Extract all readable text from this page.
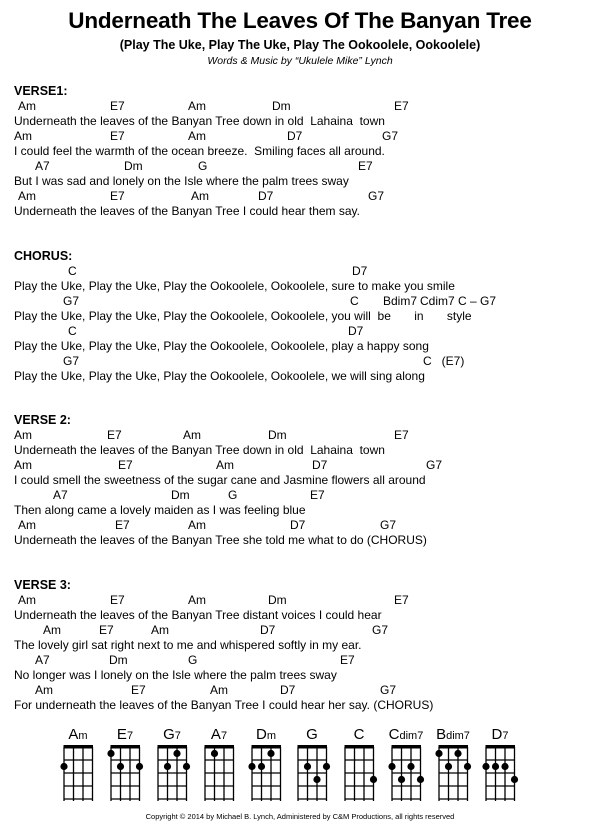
Underneath The Leaves Of The Banyan Tree
(Play The Uke, Play The Uke, Play The Ookoolele, Ookoolele)
Words & Music by “Ukulele Mike” Lynch
VERSE1:
Am	E7	Am	Dm	E7
Underneath the leaves of the Banyan Tree down in old  Lahaina  town
Am	E7	Am	D7	G7
I could feel the warmth of the ocean breeze.  Smiling faces all around.
A7	Dm	G	E7
But I was sad and lonely on the Isle where the palm trees sway
Am	E7	Am	D7	G7
Underneath the leaves of the Banyan Tree I could hear them say.
CHORUS:
C	D7
Play the Uke, Play the Uke, Play the Ookoolele, Ookoolele, sure to make you smile
G7	C Bdim7 Cdim7 C – G7
Play the Uke, Play the Uke, Play the Ookoolele, Ookoolele, you will  be       in       style
C	D7
Play the Uke, Play the Uke, Play the Ookoolele, Ookoolele, play a happy song
G7	C   (E7)
Play the Uke, Play the Uke, Play the Ookoolele, Ookoolele, we will sing along
VERSE 2:
Am	E7	Am	Dm	E7
Underneath the leaves of the Banyan Tree down in old  Lahaina  town
Am	E7	Am	D7	G7
I could smell the sweetness of the sugar cane and Jasmine flowers all around
A7	Dm	G	E7
Then along came a lovely maiden as I was feeling blue
Am	E7	Am	D7	G7
Underneath the leaves of the Banyan Tree she told me what to do (CHORUS)
VERSE 3:
Am	E7	Am	Dm	E7
Underneath the leaves of the Banyan Tree distant voices I could hear
Am	E7	Am	D7	G7
The lovely girl sat right next to me and whispered softly in my ear.
A7	Dm	G	E7
No longer was I lonely on the Isle where the palm trees sway
Am	E7	Am	D7	G7
For underneath the leaves of the Banyan Tree I could hear her say. (CHORUS)
Am	E7	G7	A7	Dm	G	C	Cdim7 Bdim7	D7
Copyright © 2014 by Michael B. Lynch, Administered by C&M Productions, all rights reserved
